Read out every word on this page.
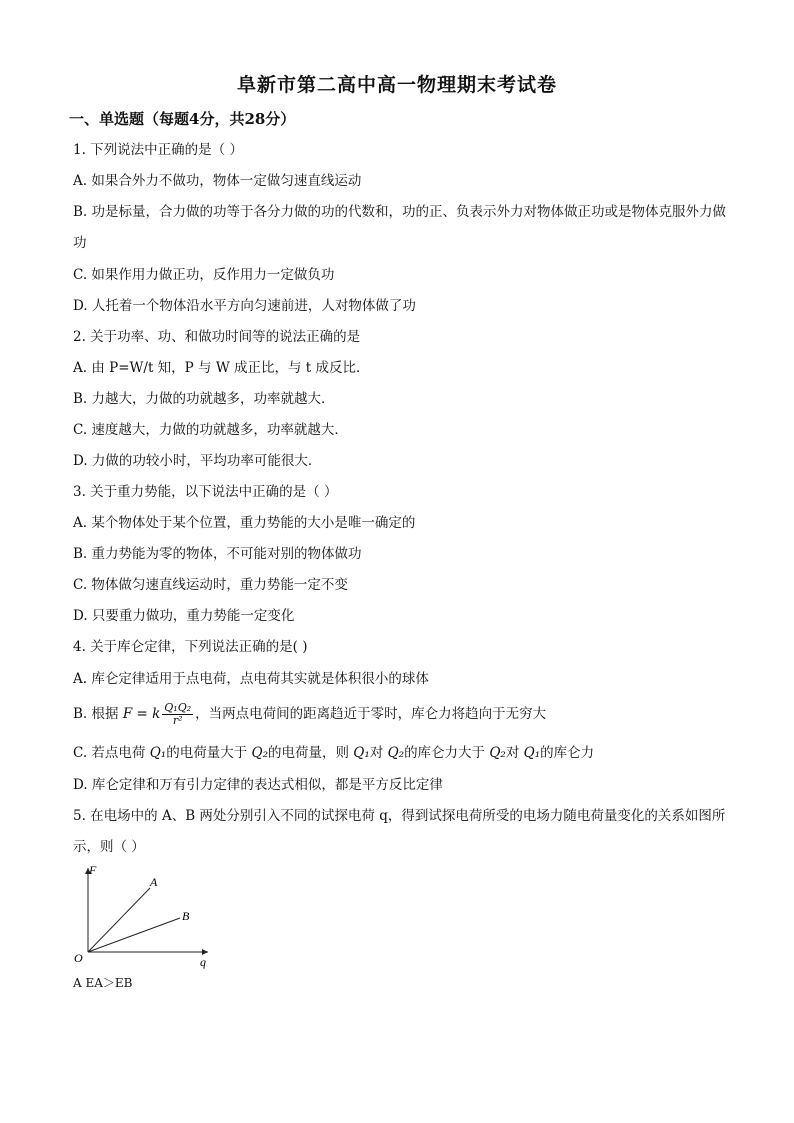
阜新市第二高中高一物理期末考试卷
一、单选题（每题4分，共28分）
1. 下列说法中正确的是（ ）
A. 如果合外力不做功，物体一定做匀速直线运动
B. 功是标量，合力做的功等于各分力做的功的代数和，功的正、负表示外力对物体做正功或是物体克服外力做功
C. 如果作用力做正功，反作用力一定做负功
D. 人托着一个物体沿水平方向匀速前进，人对物体做了功
2. 关于功率、功、和做功时间等的说法正确的是
A. 由 P=W/t 知，P 与 W 成正比，与 t 成反比．
B. 力越大，力做的功就越多，功率就越大．
C. 速度越大，力做的功就越多，功率就越大．
D. 力做的功较小时，平均功率可能很大．
3. 关于重力势能，以下说法中正确的是（ ）
A. 某个物体处于某个位置，重力势能的大小是唯一确定的
B. 重力势能为零的物体，不可能对别的物体做功
C. 物体做匀速直线运动时，重力势能一定不变
D. 只要重力做功，重力势能一定变化
4. 关于库仑定律，下列说法正确的是( )
A. 库仑定律适用于点电荷，点电荷其实就是体积很小的球体
B. 根据 F = k $\frac{\text{Q₁Q₂}}{\text{r²}}$ ，当两点电荷间的距离趋近于零时，库仑力将趋向于无穷大
C. 若点电荷 Q₁的电荷量大于 Q₂的电荷量，则 Q₁对 Q₂的库仑力大于 Q₂对 Q₁的库仑力
D. 库仑定律和万有引力定律的表达式相似，都是平方反比定律
5. 在电场中的 A、B 两处分别引入不同的试探电荷 q，得到试探电荷所受的电场力随电荷量变化的关系如图所示，则（ ）
F
q
O
A
B
A EA＞EB
